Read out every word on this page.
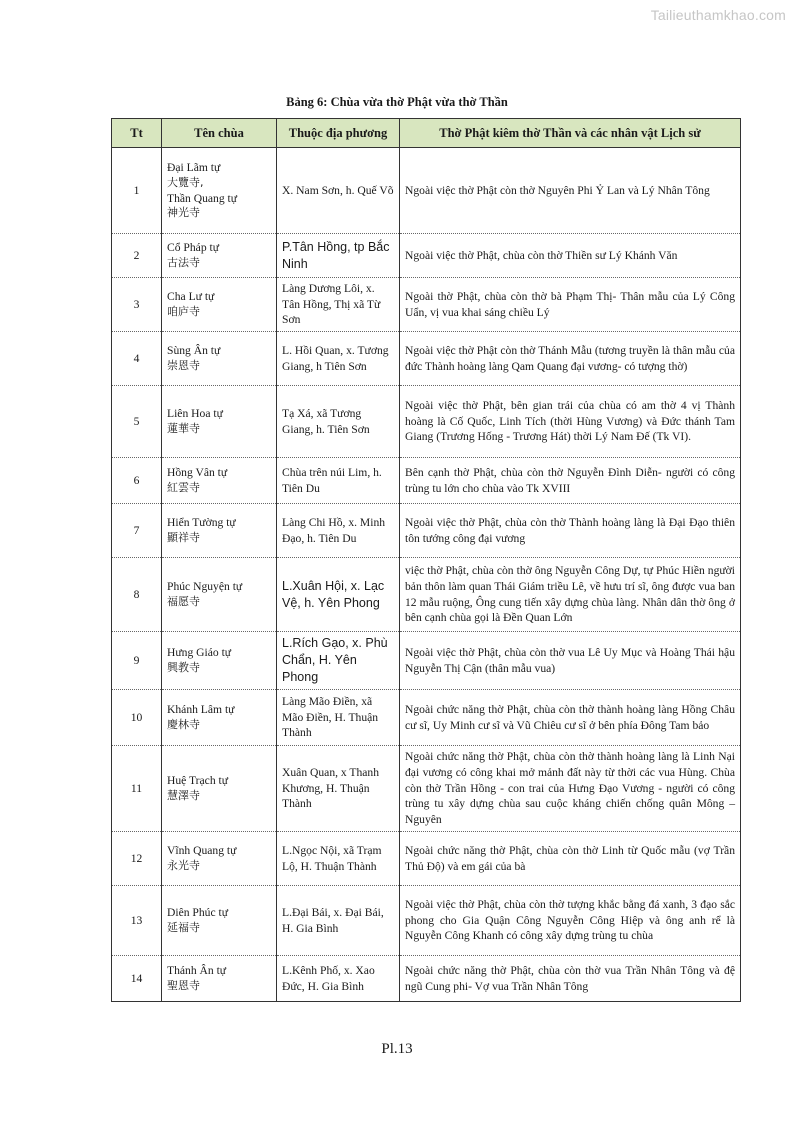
Tailieuthamkhao.com
Bảng 6: Chùa vừa thờ Phật vừa thờ Thần
Tt	Tên chùa	Thuộc địa phương	Thờ Phật kiêm thờ Thần và các nhân vật Lịch sử
1	Đại Lãm tự
大覽寺,
Thần Quang tự
神光寺	X. Nam Sơn, h. Quế Võ	Ngoài việc thờ Phật còn thờ Nguyên Phi Ỷ Lan và Lý Nhân Tông
2	Cổ Pháp tự
古法寺	P.Tân Hồng, tp Bắc Ninh	Ngoài việc thờ Phật, chùa còn thờ Thiền sư Lý Khánh Văn
3	Cha Lư tự
咱庐寺	Làng Dương Lôi, x. Tân Hồng, Thị xã Từ Sơn	Ngoài thờ Phật, chùa còn thờ bà Phạm Thị- Thân mẫu của Lý Công Uẩn, vị vua khai sáng chiều Lý
4	Sùng Ân tự
崇恩寺	L. Hồi Quan, x. Tương Giang, h Tiên Sơn	Ngoài việc thờ Phật còn thờ Thánh Mẫu (tương truyền là thân mẫu của đức Thành hoàng làng Qam Quang đại vương- có tượng thờ)
5	Liên Hoa tự
蓮華寺	Tạ Xá, xã Tương Giang, h. Tiên Sơn	Ngoài việc thờ Phật, bên gian trái của chùa có am thờ 4 vị Thành hoàng là Cố Quốc, Linh Tích (thời Hùng Vương) và Đức thánh Tam Giang (Trương Hống - Trương Hát) thời Lý Nam Đế (Tk VI).
6	Hồng Vân tự
紅雲寺	Chùa trên núi Lim, h. Tiên Du	Bên cạnh thờ Phật, chùa còn thờ Nguyễn Đình Diễn- người có công trùng tu lớn cho chùa vào Tk XVIII
7	Hiển Tường tự
顯祥寺	Làng Chi Hồ, x. Minh Đạo, h. Tiên Du	Ngoài việc thờ Phật, chùa còn thờ Thành hoàng làng là Đại Đạo thiên tôn tướng công đại vương
8	Phúc Nguyện tự
福愿寺	L.Xuân Hội, x. Lạc Vệ, h. Yên Phong	việc thờ Phật, chùa còn thờ ông Nguyễn Công Dự, tự Phúc Hiền người bản thôn làm quan Thái Giám triều Lê, về hưu trí sĩ, ông được vua ban 12 mẫu ruộng, Ông cung tiến xây dựng chùa làng. Nhân dân thờ ông ở bên cạnh chùa gọi là Đền Quan Lớn
9	Hưng Giáo tự
興教寺	L.Rích Gạo, x. Phù Chẩn, H. Yên Phong	Ngoài việc thờ Phật, chùa còn thờ vua Lê Uy Mục và Hoàng Thái hậu Nguyễn Thị Cận (thân mẫu vua)
10	Khánh Lâm tự
慶林寺	Làng Mão Điền, xã Mão Điền, H. Thuận Thành	Ngoài chức năng thờ Phật, chùa còn thờ thành hoàng làng Hồng Châu cư sĩ, Uy Minh cư sĩ và Vũ Chiêu cư sĩ ở bên phía Đông Tam bảo
11	Huệ Trạch tự
慧澤寺	Xuân Quan, x Thanh Khương, H. Thuận Thành	Ngoài chức năng thờ Phật, chùa còn thờ thành hoàng làng là Linh Nại đại vương có công khai mở mảnh đất này từ thời các vua Hùng. Chùa còn thờ Trần Hồng - con trai của Hưng Đạo Vương - người có công trùng tu xây dựng chùa sau cuộc kháng chiến chống quân Mông – Nguyên
12	Vĩnh Quang tự
永光寺	L.Ngọc Nội, xã Trạm Lộ, H. Thuận Thành	Ngoài chức năng thờ Phật, chùa còn thờ Linh từ Quốc mẫu (vợ Trần Thủ Độ) và em gái của bà
13	Diên Phúc tự
延福寺	L.Đại Bái, x. Đại Bái, H. Gia Bình	Ngoài việc thờ Phật, chùa còn thờ tượng khắc bằng đá xanh, 3 đạo sắc phong cho Gia Quận Công Nguyễn Công Hiệp và ông anh rể là Nguyễn Công Khanh có công xây dựng trùng tu chùa
14	Thánh Ân tự
聖恩寺	L.Kênh Phố, x. Xao Đức, H. Gia Bình	Ngoài chức năng thờ Phật, chùa còn thờ vua Trần Nhân Tông và đệ ngũ Cung phi- Vợ vua Trần Nhân Tông
Pl.13
